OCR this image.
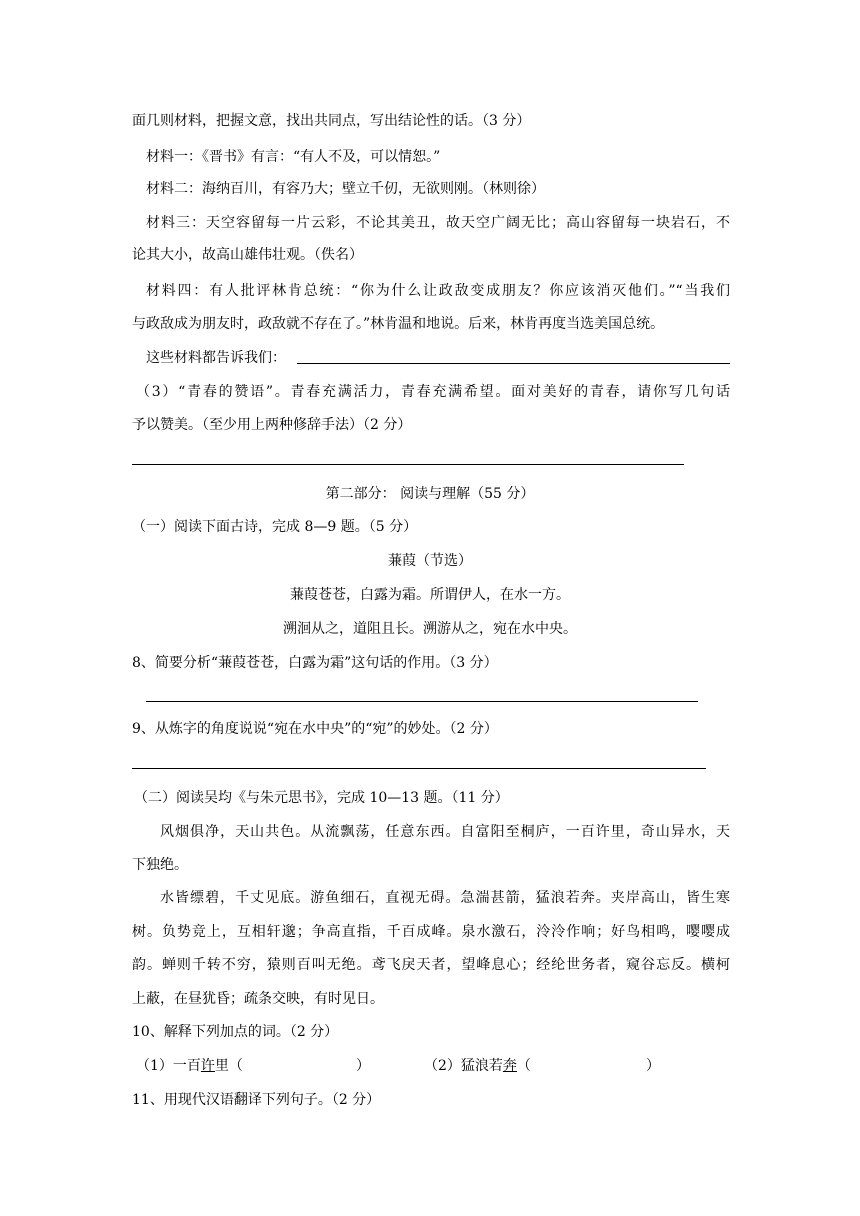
面几则材料，把握文意，找出共同点，写出结论性的话。（3 分）
材料一：《晋书》有言：“有人不及，可以情恕。”
材料二：海纳百川，有容乃大；壁立千仞，无欲则刚。（林则徐）
材料三：天空容留每一片云彩，不论其美丑，故天空广阔无比；高山容留每一块岩石，不
论其大小，故高山雄伟壮观。（佚名）
材料四：有人批评林肯总统：“你为什么让政敌变成朋友？你应该消灭他们。”“当我们
与政敌成为朋友时，政敌就不存在了。”林肯温和地说。后来，林肯再度当选美国总统。
这些材料都告诉我们：
（3）“青春的赞语”。青春充满活力，青春充满希望。面对美好的青春，请你写几句话
予以赞美。（至少用上两种修辞手法）（2 分）
第二部分： 阅读与理解（55 分）
（一）阅读下面古诗，完成 8—9 题。（5 分）
蒹葭（节选）
蒹葭苍苍，白露为霜。所谓伊人，在水一方。
溯洄从之，道阻且长。溯游从之，宛在水中央。
8、简要分析“蒹葭苍苍，白露为霜”这句话的作用。（3 分）
9、从炼字的角度说说“宛在水中央”的“宛”的妙处。（2 分）
（二）阅读吴均《与朱元思书》，完成 10—13 题。（11 分）
风烟俱净，天山共色。从流飘荡，任意东西。自富阳至桐庐，一百许里，奇山异水，天
下独绝。
水皆缥碧，千丈见底。游鱼细石，直视无碍。急湍甚箭，猛浪若奔。夹岸高山，皆生寒
树。负势竞上，互相轩邈；争高直指，千百成峰。泉水激石，泠泠作响；好鸟相鸣，嘤嘤成
韵。蝉则千转不穷，猿则百叫无绝。鸢飞戾天者，望峰息心；经纶世务者，窥谷忘反。横柯
上蔽，在昼犹昏；疏条交映，有时见日。
10、解释下列加点的词。（2 分）
（1）一百许里（	）	（2）猛浪若奔（	）
11、用现代汉语翻译下列句子。（2 分）
